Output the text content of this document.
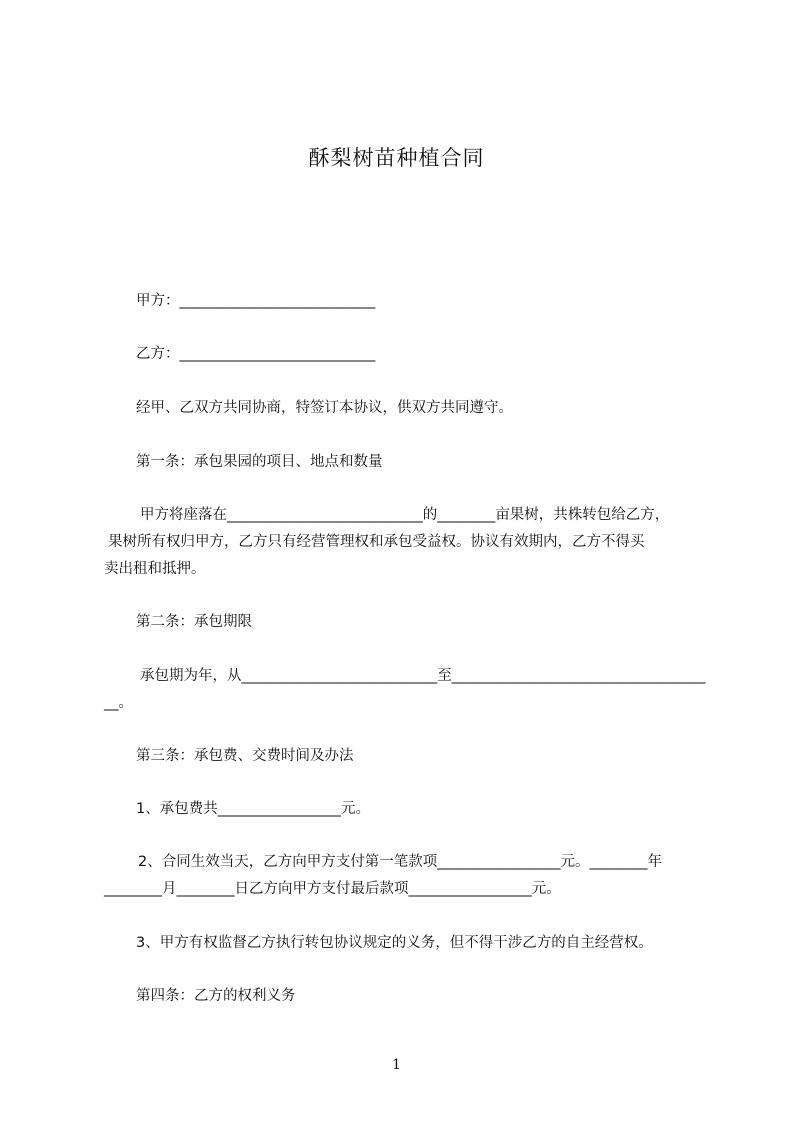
酥梨树苗种植合同
甲方：___________________________
乙方：___________________________
经甲、乙双方共同协商，特签订本协议，供双方共同遵守。
第一条：承包果园的项目、地点和数量
甲方将座落在___________________________的________亩果树，共株转包给乙方，
果树所有权归甲方，乙方只有经营管理权和承包受益权。协议有效期内，乙方不得买
卖出租和抵押。
第二条：承包期限
承包期为年，从___________________________至___________________________________
__。
第三条：承包费、交费时间及办法
1、承包费共_________________元。
2、合同生效当天，乙方向甲方支付第一笔款项_________________元。________年
________月________日乙方向甲方支付最后款项_________________元。
3、甲方有权监督乙方执行转包协议规定的义务，但不得干涉乙方的自主经营权。
第四条：乙方的权利义务
1
